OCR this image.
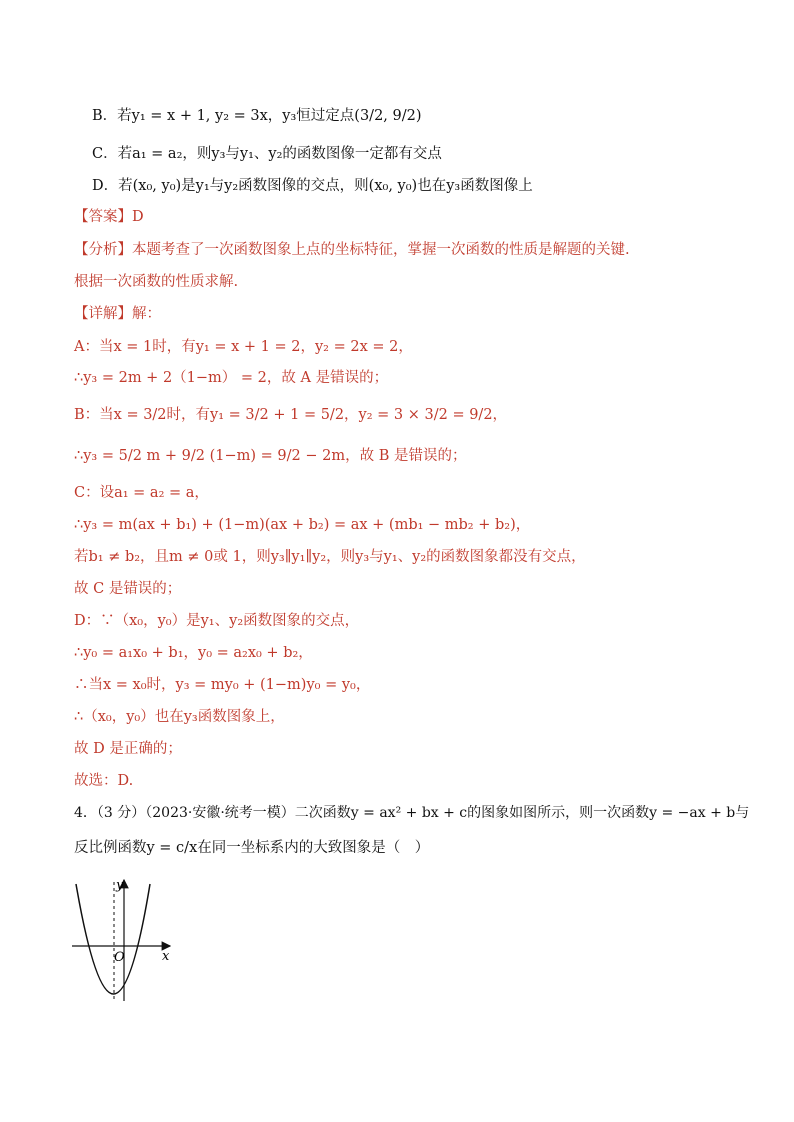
B．若y₁ = x + 1, y₂ = 3x，y₃恒过定点(3/2, 9/2)
C．若a₁ = a₂，则y₃与y₁、y₂的函数图像一定都有交点
D．若(x₀, y₀)是y₁与y₂函数图像的交点，则(x₀, y₀)也在y₃函数图像上
【答案】D
【分析】本题考查了一次函数图象上点的坐标特征，掌握一次函数的性质是解题的关键.
根据一次函数的性质求解.
【详解】解：
A：当x = 1时，有y₁ = x + 1 = 2，y₂ = 2x = 2，
∴y₃ = 2m + 2（1−m） = 2，故 A 是错误的；
B：当x = 3/2时，有y₁ = 3/2 + 1 = 5/2，y₂ = 3 × 3/2 = 9/2，
∴y₃ = 5/2 m + 9/2 (1−m) = 9/2 − 2m，故 B 是错误的；
C：设a₁ = a₂ = a，
∴y₃ = m(ax + b₁) + (1−m)(ax + b₂) = ax + (mb₁ − mb₂ + b₂)，
若b₁ ≠ b₂，且m ≠ 0或 1，则y₃∥y₁∥y₂，则y₃与y₁、y₂的函数图象都没有交点，
故 C 是错误的；
D：∵（x₀，y₀）是y₁、y₂函数图象的交点，
∴y₀ = a₁x₀ + b₁，y₀ = a₂x₀ + b₂，
∴当x = x₀时，y₃ = my₀ + (1−m)y₀ = y₀，
∴（x₀，y₀）也在y₃函数图象上，
故 D 是正确的；
故选：D.
4．（3 分）（2023·安徽·统考一模）二次函数y = ax² + bx + c的图象如图所示，则一次函数y = −ax + b与
反比例函数y = c/x在同一坐标系内的大致图象是（　）
x
y
O
